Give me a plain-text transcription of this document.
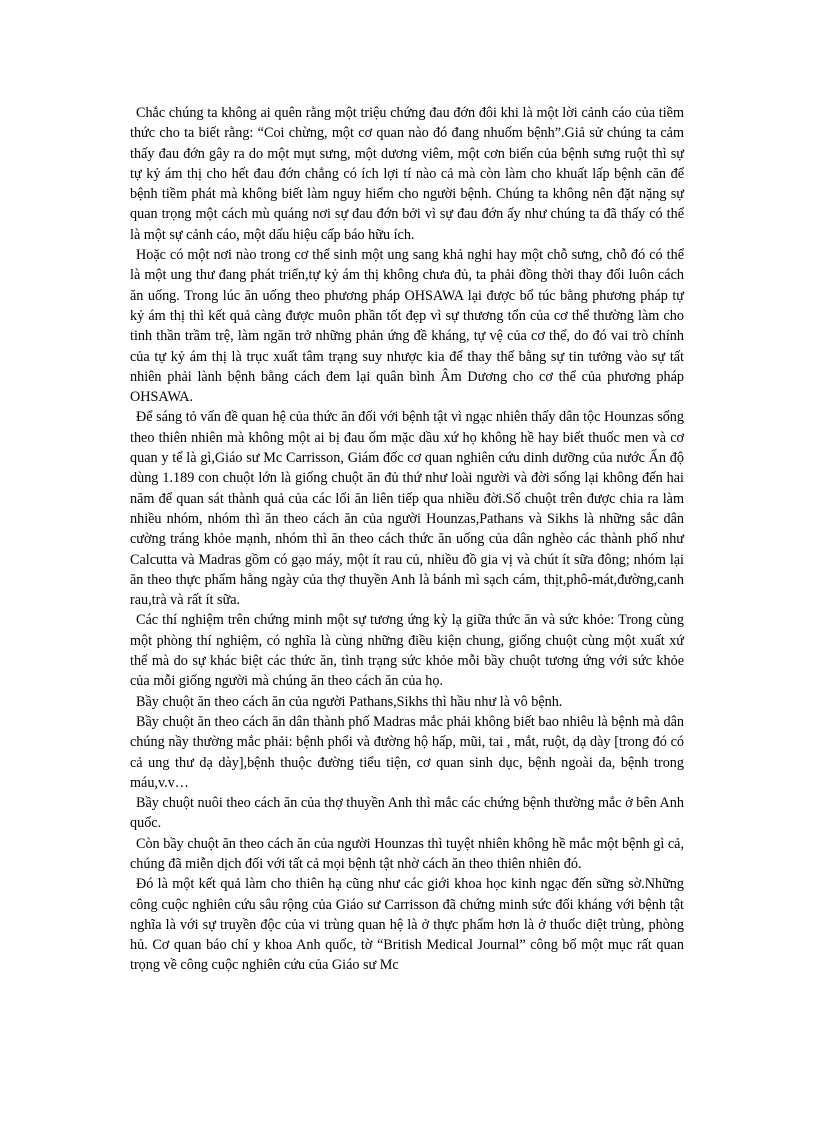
Chắc chúng ta không ai quên rằng một triệu chứng đau đớn đôi khi là một lời cảnh cáo của tiềm thức cho ta biết rằng: “Coi chừng, một cơ quan nào đó đang nhuốm bệnh”.Giả sử chúng ta cảm thấy đau đớn gây ra do một mụt sưng, một dương viêm, một cơn biến của bệnh sưng ruột thì sự tự kỷ ám thị cho hết đau đớn chẳng có ích lợi tí nào cả mà còn làm cho khuất lấp bệnh căn để bệnh tiềm phát mà không biết làm nguy hiểm cho người bệnh. Chúng ta không nên đặt nặng sự quan trọng một cách mù quáng nơi sự đau đớn bởi vì sự đau đớn ấy như chúng ta đã thấy có thể là một sự cảnh cáo, một dấu hiệu cấp báo hữu ích.

Hoặc có một nơi nào trong cơ thể sinh một ung sang khả nghi hay một chỗ sưng, chỗ đó có thể là một ung thư đang phát triển,tự kỷ ám thị không chưa đủ, ta phải đồng thời thay đổi luôn cách ăn uống. Trong lúc ăn uống theo phương pháp OHSAWA lại được bổ túc bằng phương pháp tự kỷ ám thị thì kết quả càng được muôn phần tốt đẹp vì sự thương tổn của cơ thể thường làm cho tinh thần trầm trệ, làm ngăn trở những phản ứng đề kháng, tự vệ của cơ thể, do đó vai trò chính của tự kỷ ám thị là trục xuất tâm trạng suy nhược kia để thay thế bằng sự tin tưởng vào sự tất nhiên phải lành bệnh bằng cách đem lại quân bình Âm Dương cho cơ thể của phương pháp OHSAWA.

Để sáng tỏ vấn đề quan hệ của thức ăn đối với bệnh tật vì ngạc nhiên thấy dân tộc Hounzas sống theo thiên nhiên mà không một ai bị đau ốm mặc dầu xứ họ không hề hay biết thuốc men và cơ quan y tế là gì,Giáo sư Mc Carrisson, Giám đốc cơ quan nghiên cứu dinh dưỡng của nước Ấn độ dùng 1.189 con chuột lớn là giống chuột ăn đủ thứ như loài người và đời sống lại không đến hai năm để quan sát thành quả của các lối ăn liên tiếp qua nhiều đời.Số chuột trên được chia ra làm nhiều nhóm, nhóm thì ăn theo cách ăn của người Hounzas,Pathans và Sikhs là những sắc dân cường tráng khỏe mạnh, nhóm thì ăn theo cách thức ăn uống của dân nghèo các thành phố như Calcutta và Madras gồm có gạo máy, một ít rau củ, nhiều đồ gia vị và chút ít sữa đông; nhóm lại ăn theo thực phẩm hằng ngày của thợ thuyền Anh là bánh mì sạch cám, thịt,phô-mát,đường,canh rau,trà và rất ít sữa.

Các thí nghiệm trên chứng minh một sự tương ứng kỳ lạ giữa thức ăn và sức khỏe: Trong cùng một phòng thí nghiệm, có nghĩa là cùng những điều kiện chung, giống chuột cùng một xuất xứ thế mà do sự khác biệt các thức ăn, tình trạng sức khỏe mỗi bầy chuột tương ứng với sức khỏe của mỗi giống người mà chúng ăn theo cách ăn của họ.

Bầy chuột ăn theo cách ăn của người Pathans,Sikhs thì hầu như là vô bệnh.

Bầy chuột ăn theo cách ăn dân thành phố Madras mắc phải không biết bao nhiêu là bệnh mà dân chúng nầy thường mắc phải: bệnh phổi và đường hộ hấp, mũi, tai , mắt, ruột, dạ dày [trong đó có cả ung thư dạ dày],bệnh thuộc đường tiểu tiện, cơ quan sinh dục, bệnh ngoài da, bệnh trong máu,v.v…

Bầy chuột nuôi theo cách ăn của thợ thuyền Anh thì mắc các chứng bệnh thường mắc ở bên Anh quốc.

Còn bầy chuột ăn theo cách ăn của người Hounzas thì tuyệt nhiên không hề mắc một bệnh gì cả, chúng đã miễn dịch đối với tất cả mọi bệnh tật nhờ cách ăn theo thiên nhiên đó.

Đó là một kết quả làm cho thiên hạ cũng như các giới khoa học kinh ngạc đến sững sờ.Những công cuộc nghiên cứu sâu rộng của Giáo sư Carrisson đã chứng minh sức đối kháng với bệnh tật nghĩa là với sự truyền độc của vi trùng quan hệ là ở thực phẩm hơn là ở thuốc diệt trùng, phòng hủ. Cơ quan báo chí y khoa Anh quốc, tờ “British Medical Journal” công bố một mục rất quan trọng về công cuộc nghiên cứu của Giáo sư Mc
